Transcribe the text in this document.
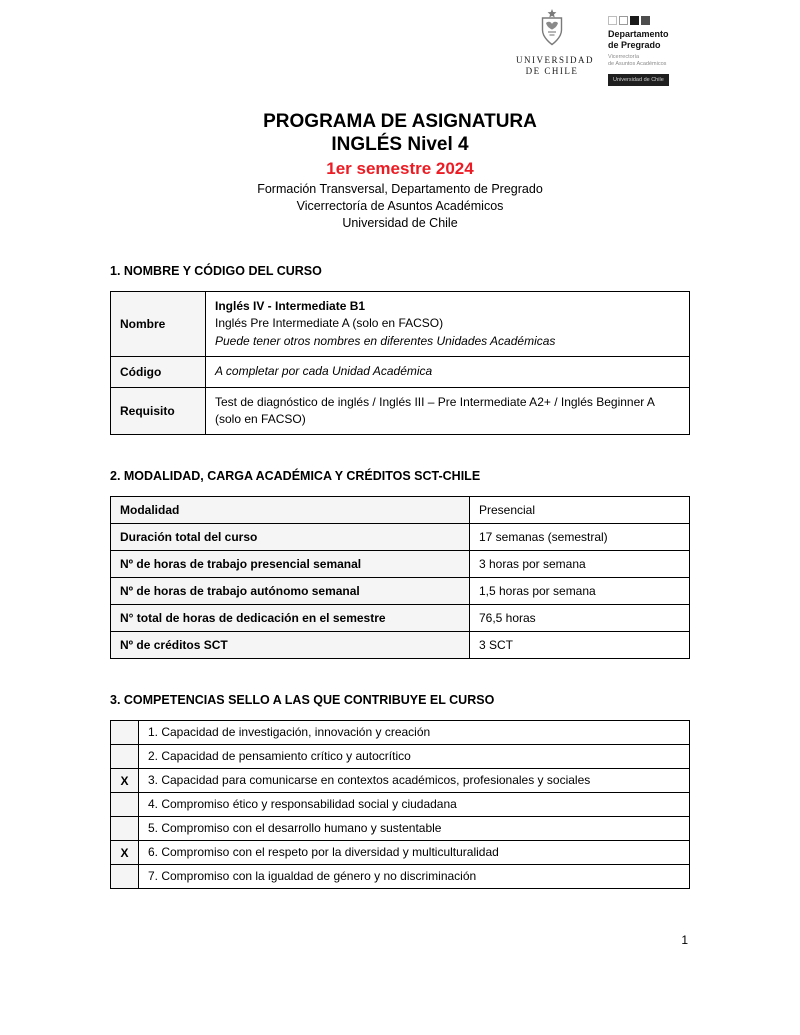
UNIVERSIDAD
DE CHILE
Departamento
de Pregrado
Vicerrectoría
de Asuntos Académicos
Universidad de Chile
PROGRAMA DE ASIGNATURA
INGLÉS Nivel 4
1er semestre 2024
Formación Transversal, Departamento de Pregrado
Vicerrectoría de Asuntos Académicos
Universidad de Chile
1. NOMBRE Y CÓDIGO DEL CURSO
Nombre	Inglés IV - Intermediate B1
Inglés Pre Intermediate A (solo en FACSO)
Puede tener otros nombres en diferentes Unidades Académicas

Código	A completar por cada Unidad Académica
Requisito	Test de diagnóstico de inglés / Inglés III – Pre Intermediate A2+ / Inglés Beginner A (solo en FACSO)
2. MODALIDAD, CARGA ACADÉMICA Y CRÉDITOS SCT-CHILE
Modalidad	Presencial
Duración total del curso	17 semanas (semestral)
Nº de horas de trabajo presencial semanal	3 horas por semana
Nº de horas de trabajo autónomo semanal	1,5 horas por semana
N° total de horas de dedicación en el semestre	76,5 horas
Nº de créditos SCT	3 SCT
3. COMPETENCIAS SELLO A LAS QUE CONTRIBUYE EL CURSO
	1. Capacidad de investigación, innovación y creación
	2. Capacidad de pensamiento crítico y autocrítico
X	3. Capacidad para comunicarse en contextos académicos, profesionales y sociales
	4. Compromiso ético y responsabilidad social y ciudadana
	5. Compromiso con el desarrollo humano y sustentable
X	6. Compromiso con el respeto por la diversidad y multiculturalidad
	7. Compromiso con la igualdad de género y no discriminación
1
